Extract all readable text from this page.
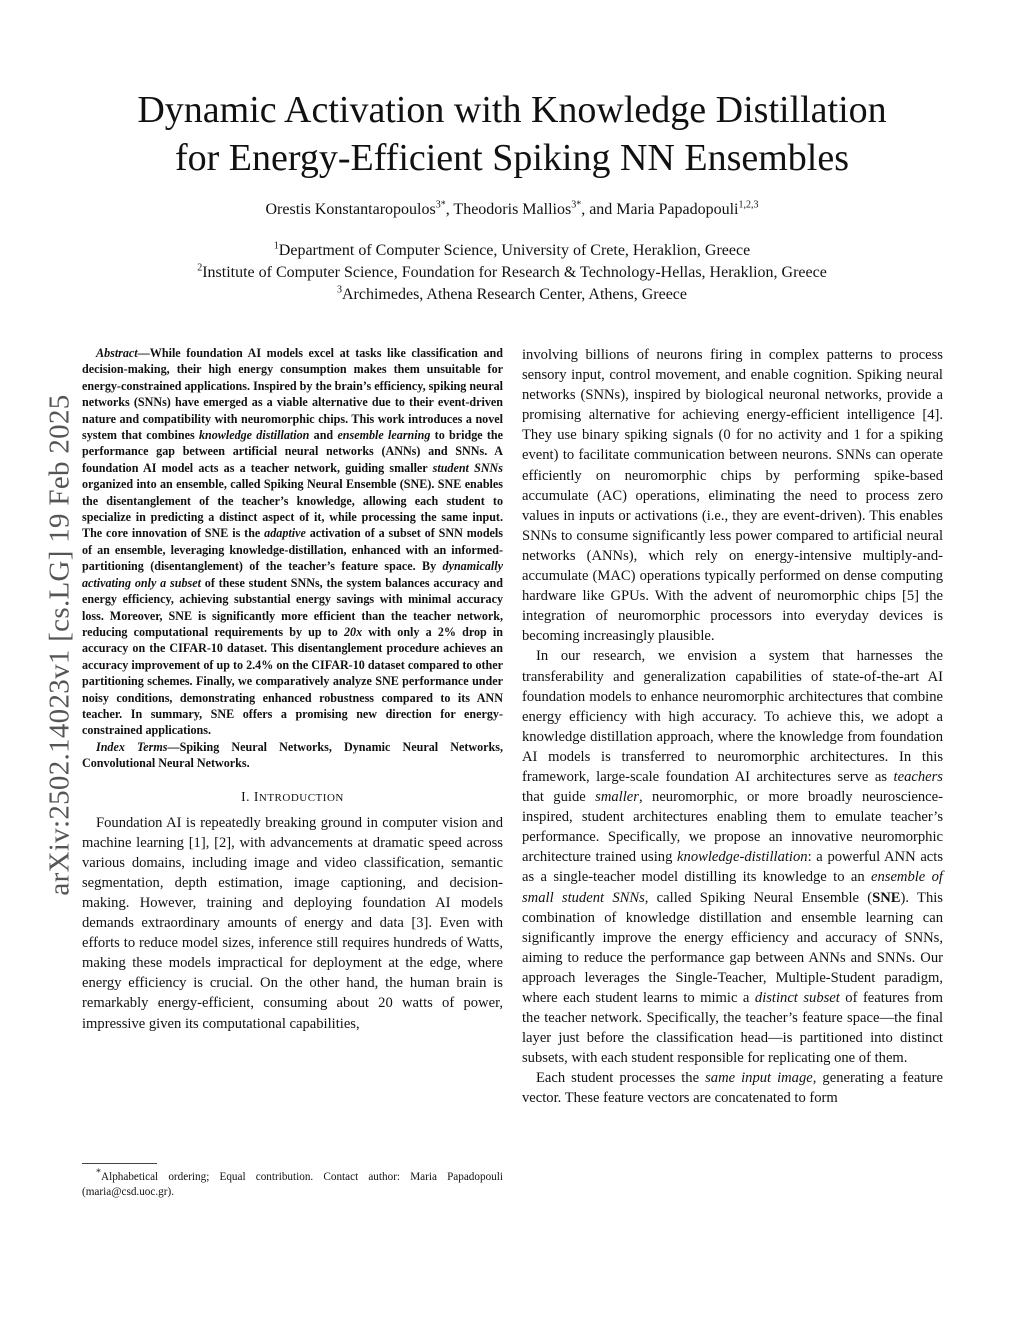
Dynamic Activation with Knowledge Distillation
for Energy-Efficient Spiking NN Ensembles
Orestis Konstantaropoulos$^{3*}$, Theodoris Mallios$^{3*}$, and Maria Papadopouli$^{1,2,3}$
$^1$Department of Computer Science, University of Crete, Heraklion, Greece
$^2$Institute of Computer Science, Foundation for Research & Technology-Hellas, Heraklion, Greece
$^3$Archimedes, Athena Research Center, Athens, Greece
arXiv:2502.14023v1 [cs.LG] 19 Feb 2025

Abstract—While foundation AI models excel at tasks like classification and decision-making, their high energy consumption makes them unsuitable for energy-constrained applications. Inspired by the brain’s efficiency, spiking neural networks (SNNs) have emerged as a viable alternative due to their event-driven nature and compatibility with neuromorphic chips. This work introduces a novel system that combines knowledge distillation and ensemble learning to bridge the performance gap between artificial neural networks (ANNs) and SNNs. A foundation AI model acts as a teacher network, guiding smaller student SNNs organized into an ensemble, called Spiking Neural Ensemble (SNE). SNE enables the disentanglement of the teacher’s knowledge, allowing each student to specialize in predicting a distinct aspect of it, while processing the same input. The core innovation of SNE is the adaptive activation of a subset of SNN models of an ensemble, leveraging knowledge-distillation, enhanced with an informed-partitioning (disentanglement) of the teacher’s feature space. By dynamically activating only a subset of these student SNNs, the system balances accuracy and energy efficiency, achieving substantial energy savings with minimal accuracy loss. Moreover, SNE is significantly more efficient than the teacher network, reducing computational requirements by up to 20x with only a 2% drop in accuracy on the CIFAR-10 dataset. This disentanglement procedure achieves an accuracy improvement of up to 2.4% on the CIFAR-10 dataset compared to other partitioning schemes. Finally, we comparatively analyze SNE performance under noisy conditions, demonstrating enhanced robustness compared to its ANN teacher. In summary, SNE offers a promising new direction for energy-constrained applications.

Index Terms—Spiking Neural Networks, Dynamic Neural Networks, Convolutional Neural Networks.

I. INTRODUCTION

Foundation AI is repeatedly breaking ground in computer vision and machine learning [1], [2], with advancements at dramatic speed across various domains, including image and video classification, semantic segmentation, depth estimation, image captioning, and decision-making. However, training and deploying foundation AI models demands extraordinary amounts of energy and data [3]. Even with efforts to reduce model sizes, inference still requires hundreds of Watts, making these models impractical for deployment at the edge, where energy efficiency is crucial. On the other hand, the human brain is remarkably energy-efficient, consuming about 20 watts of power, impressive given its computational capabilities,

*Alphabetical ordering; Equal contribution. Contact author: Maria Papadopouli (maria@csd.uoc.gr).

involving billions of neurons firing in complex patterns to process sensory input, control movement, and enable cognition. Spiking neural networks (SNNs), inspired by biological neuronal networks, provide a promising alternative for achieving energy-efficient intelligence [4]. They use binary spiking signals (0 for no activity and 1 for a spiking event) to facilitate communication between neurons. SNNs can operate efficiently on neuromorphic chips by performing spike-based accumulate (AC) operations, eliminating the need to process zero values in inputs or activations (i.e., they are event-driven). This enables SNNs to consume significantly less power compared to artificial neural networks (ANNs), which rely on energy-intensive multiply-and-accumulate (MAC) operations typically performed on dense computing hardware like GPUs. With the advent of neuromorphic chips [5] the integration of neuromorphic processors into everyday devices is becoming increasingly plausible.

In our research, we envision a system that harnesses the transferability and generalization capabilities of state-of-the-art AI foundation models to enhance neuromorphic architectures that combine energy efficiency with high accuracy. To achieve this, we adopt a knowledge distillation approach, where the knowledge from foundation AI models is transferred to neuromorphic architectures. In this framework, large-scale foundation AI architectures serve as teachers that guide smaller, neuromorphic, or more broadly neuroscience-inspired, student architectures enabling them to emulate teacher’s performance. Specifically, we propose an innovative neuromorphic architecture trained using knowledge-distillation: a powerful ANN acts as a single-teacher model distilling its knowledge to an ensemble of small student SNNs, called Spiking Neural Ensemble (SNE). This combination of knowledge distillation and ensemble learning can significantly improve the energy efficiency and accuracy of SNNs, aiming to reduce the performance gap between ANNs and SNNs. Our approach leverages the Single-Teacher, Multiple-Student paradigm, where each student learns to mimic a distinct subset of features from the teacher network. Specifically, the teacher’s feature space—the final layer just before the classification head—is partitioned into distinct subsets, with each student responsible for replicating one of them.

Each student processes the same input image, generating a feature vector. These feature vectors are concatenated to form
